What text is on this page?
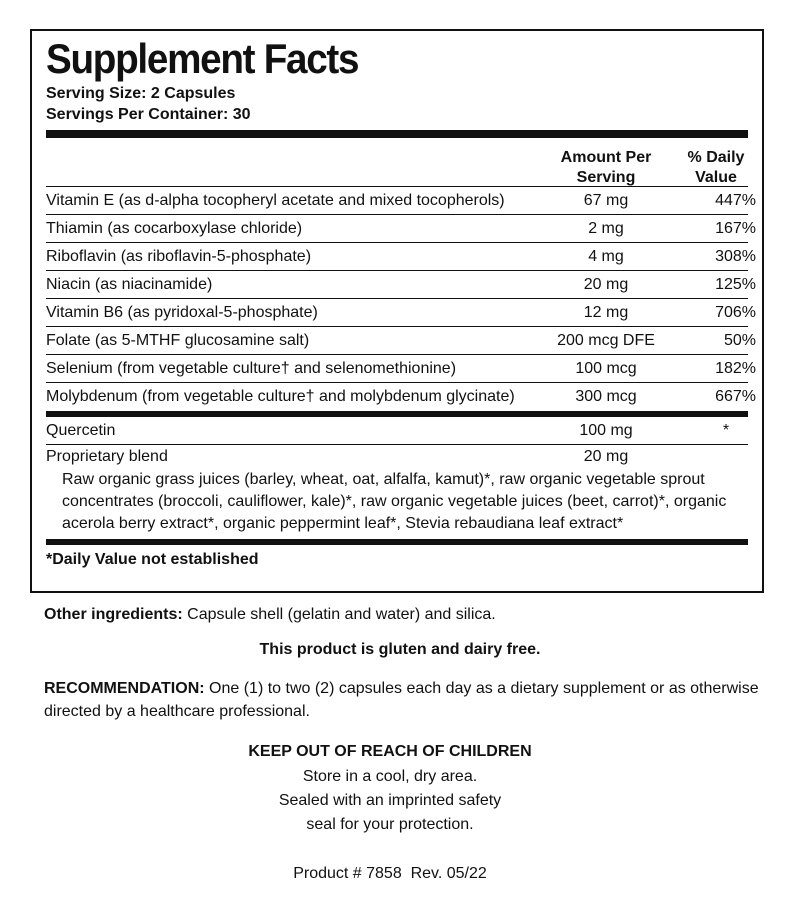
Supplement Facts
Serving Size: 2 Capsules
Servings Per Container: 30
Amount Per
Serving
% Daily
Value
Vitamin E (as d-alpha tocopheryl acetate and mixed tocopherols)	67 mg	447%
Thiamin (as cocarboxylase chloride)	2 mg	167%
Riboflavin (as riboflavin-5-phosphate)	4 mg	308%
Niacin (as niacinamide)	20 mg	125%
Vitamin B6 (as pyridoxal-5-phosphate)	12 mg	706%
Folate (as 5-MTHF glucosamine salt)	200 mcg DFE	50%
Selenium (from vegetable culture† and selenomethionine)	100 mcg	182%
Molybdenum (from vegetable culture† and molybdenum glycinate)	300 mcg	667%
Quercetin	100 mg	*
Proprietary blend	20 mg
Raw organic grass juices (barley, wheat, oat, alfalfa, kamut)*, raw organic vegetable sprout concentrates (broccoli, cauliflower, kale)*, raw organic vegetable juices (beet, carrot)*, organic acerola berry extract*, organic peppermint leaf*, Stevia rebaudiana leaf extract*
*Daily Value not established
Other ingredients: Capsule shell (gelatin and water) and silica.
This product is gluten and dairy free.
RECOMMENDATION: One (1) to two (2) capsules each day as a dietary supplement or as otherwise directed by a healthcare professional.
KEEP OUT OF REACH OF CHILDREN
Store in a cool, dry area.
Sealed with an imprinted safety
seal for your protection.
Product # 7858  Rev. 05/22
